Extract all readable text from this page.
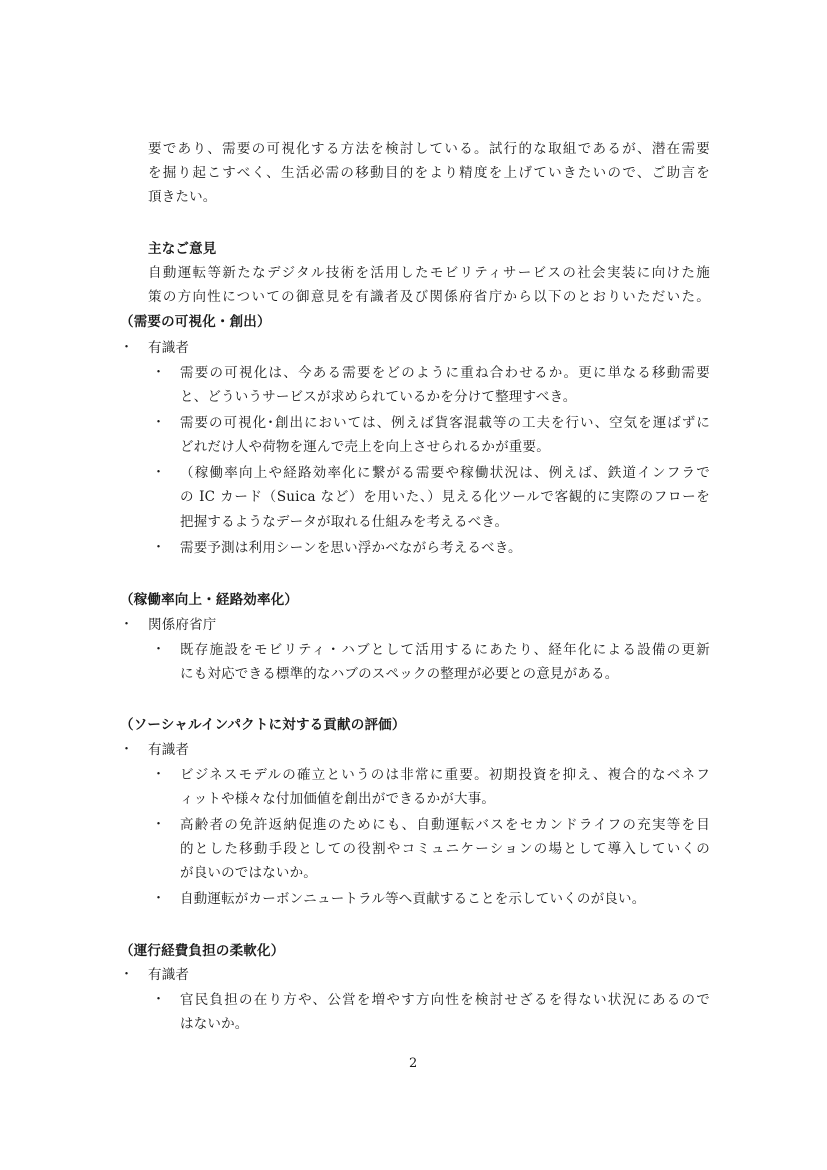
要であり、需要の可視化する方法を検討している。試行的な取組であるが、潜在需要
を掘り起こすべく、生活必需の移動目的をより精度を上げていきたいので、ご助言を
頂きたい。
主なご意見
自動運転等新たなデジタル技術を活用したモビリティサービスの社会実装に向けた施
策の方向性についての御意見を有識者及び関係府省庁から以下のとおりいただいた。
（需要の可視化・創出）
・ 有識者
・ 需要の可視化は、今ある需要をどのように重ね合わせるか。更に単なる移動需要
と、どういうサービスが求められているかを分けて整理すべき。
・ 需要の可視化･創出においては、例えば貨客混載等の工夫を行い、空気を運ばずに
どれだけ人や荷物を運んで売上を向上させられるかが重要。
・ （稼働率向上や経路効率化に繋がる需要や稼働状況は、例えば、鉄道インフラで
の IC カード（Suica など）を用いた、）見える化ツールで客観的に実際のフローを
把握するようなデータが取れる仕組みを考えるべき。
・ 需要予測は利用シーンを思い浮かべながら考えるべき。
（稼働率向上・経路効率化）
・ 関係府省庁
・ 既存施設をモビリティ・ハブとして活用するにあたり、経年化による設備の更新
にも対応できる標準的なハブのスペックの整理が必要との意見がある。
（ソーシャルインパクトに対する貢献の評価）
・ 有識者
・ ビジネスモデルの確立というのは非常に重要。初期投資を抑え、複合的なベネフ
ィットや様々な付加価値を創出ができるかが大事。
・ 高齢者の免許返納促進のためにも、自動運転バスをセカンドライフの充実等を目
的とした移動手段としての役割やコミュニケーションの場として導入していくの
が良いのではないか。
・ 自動運転がカーボンニュートラル等へ貢献することを示していくのが良い。
（運行経費負担の柔軟化）
・ 有識者
・ 官民負担の在り方や、公営を増やす方向性を検討せざるを得ない状況にあるので
はないか。
2
